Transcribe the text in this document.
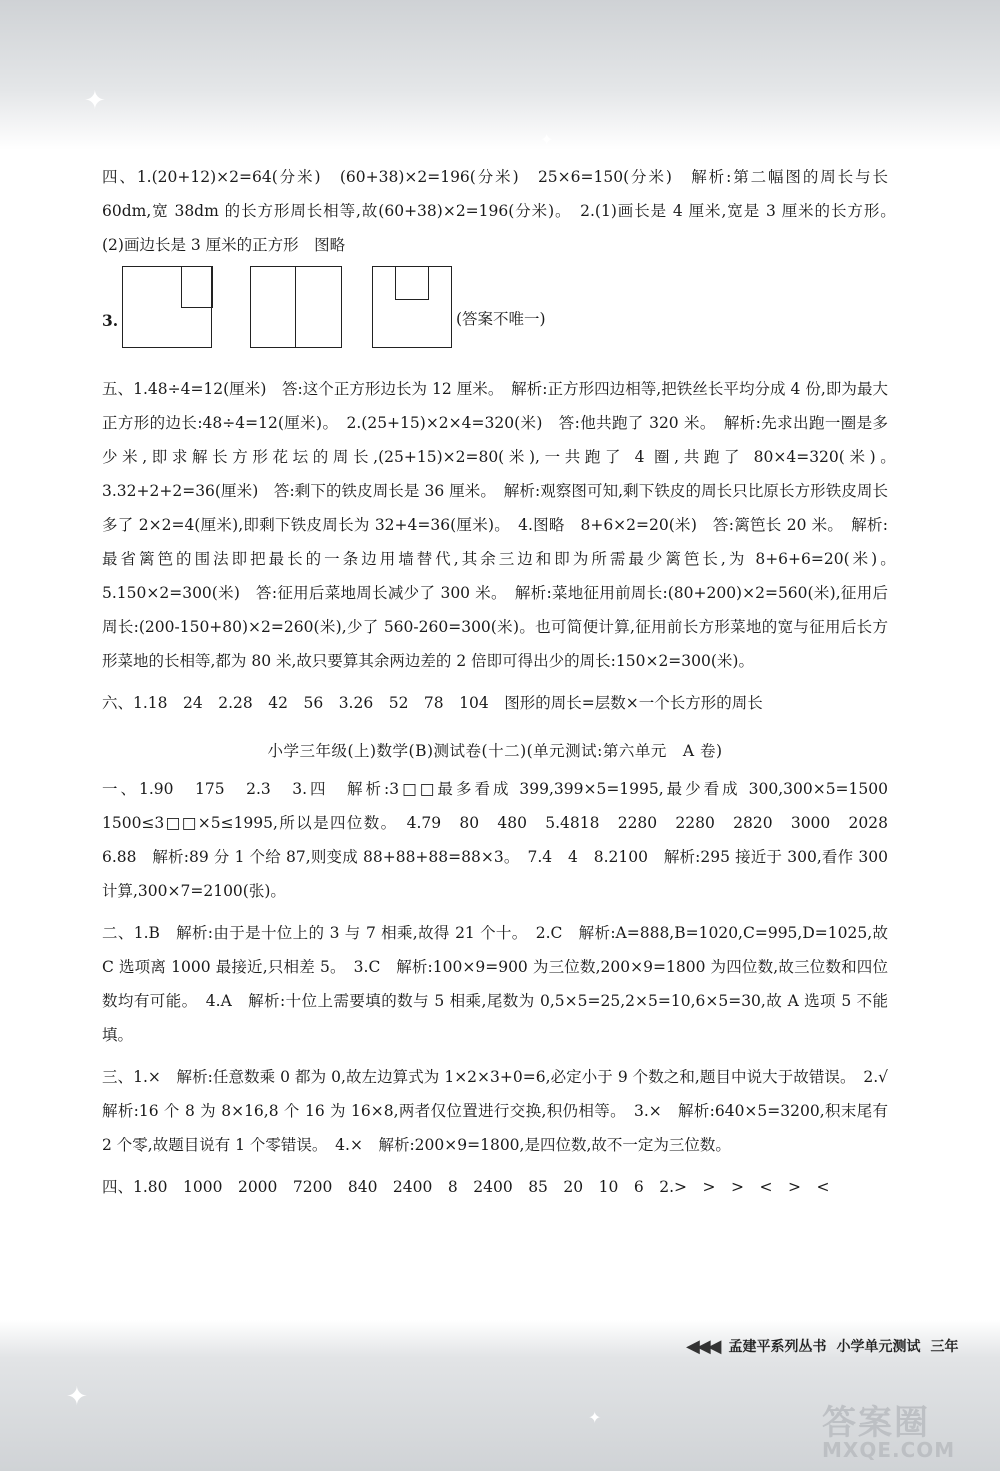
✦
✦
✦
✦

四、1.(20+12)×2=64(分米)　(60+38)×2=196(分米)　25×6=150(分米)　解析:第二幅图的周长与长 60dm,宽 38dm 的长方形周长相等,故(60+38)×2=196(分米)。　2.(1)画长是 4 厘米,宽是 3 厘米的长方形。　(2)画边长是 3 厘米的正方形　图略

3.	(答案不唯一)

五、1.48÷4=12(厘米)　答:这个正方形边长为 12 厘米。　解析:正方形四边相等,把铁丝长平均分成 4 份,即为最大正方形的边长:48÷4=12(厘米)。　2.(25+15)×2×4=320(米)　答:他共跑了 320 米。　解析:先求出跑一圈是多少米,即求解长方形花坛的周长,(25+15)×2=80(米),一共跑了 4 圈,共跑了 80×4=320(米)。　3.32+2+2=36(厘米)　答:剩下的铁皮周长是 36 厘米。　解析:观察图可知,剩下铁皮的周长只比原长方形铁皮周长多了 2×2=4(厘米),即剩下铁皮周长为 32+4=36(厘米)。　4.图略　8+6×2=20(米)　答:篱笆长 20 米。　解析:最省篱笆的围法即把最长的一条边用墙替代,其余三边和即为所需最少篱笆长,为 8+6+6=20(米)。　5.150×2=300(米)　答:征用后菜地周长减少了 300 米。　解析:菜地征用前周长:(80+200)×2=560(米),征用后周长:(200-150+80)×2=260(米),少了 560-260=300(米)。也可简便计算,征用前长方形菜地的宽与征用后长方形菜地的长相等,都为 80 米,故只要算其余两边差的 2 倍即可得出少的周长:150×2=300(米)。

六、1.18　24　2.28　42　56　3.26　52　78　104　图形的周长=层数×一个长方形的周长

小学三年级(上)数学(B)测试卷(十二)(单元测试:第六单元　A 卷)

一、1.90　175　2.3　3.四　解析:3□□最多看成 399,399×5=1995,最少看成 300,300×5=1500　1500≤3□□×5≤1995,所以是四位数。　4.79　80　480　5.4818　2280　2280　2820　3000　2028　6.88　解析:89 分 1 个给 87,则变成 88+88+88=88×3。　7.4　4　8.2100　解析:295 接近于 300,看作 300 计算,300×7=2100(张)。

二、1.B　解析:由于是十位上的 3 与 7 相乘,故得 21 个十。　2.C　解析:A=888,B=1020,C=995,D=1025,故 C 选项离 1000 最接近,只相差 5。　3.C　解析:100×9=900 为三位数,200×9=1800 为四位数,故三位数和四位数均有可能。　4.A　解析:十位上需要填的数与 5 相乘,尾数为 0,5×5=25,2×5=10,6×5=30,故 A 选项 5 不能填。

三、1.×　解析:任意数乘 0 都为 0,故左边算式为 1×2×3+0=6,必定小于 9 个数之和,题目中说大于故错误。　2.√　解析:16 个 8 为 8×16,8 个 16 为 16×8,两者仅位置进行交换,积仍相等。　3.×　解析:640×5=3200,积末尾有 2 个零,故题目说有 1 个零错误。　4.×　解析:200×9=1800,是四位数,故不一定为三位数。

四、1.80　1000　2000　7200　840　2400　8　2400　85　20　10　6　2.>　>　>　<　>　<

◀◀◀ 孟建平系列丛书 小学单元测试 三年
答案圈
MXQE.COM
